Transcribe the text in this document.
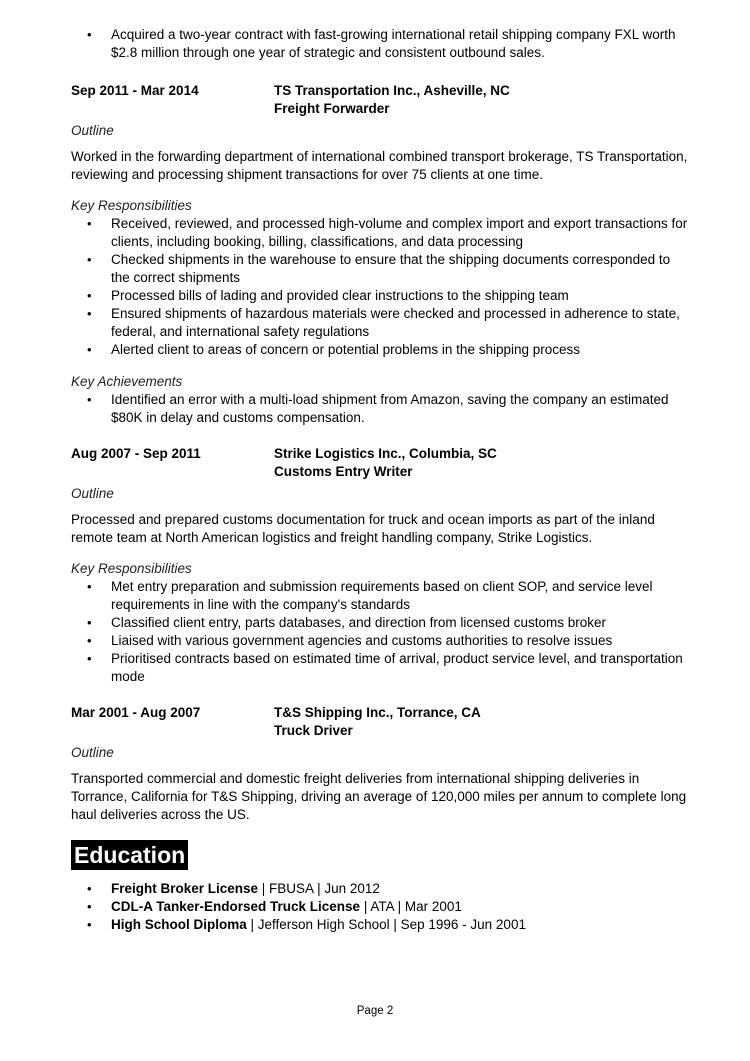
• Acquired a two-year contract with fast-growing international retail shipping company FXL worth $2.8 million through one year of strategic and consistent outbound sales.
Sep 2011 - Mar 2014	TS Transportation Inc., Asheville, NC
Freight Forwarder
Outline
Worked in the forwarding department of international combined transport brokerage, TS Transportation, reviewing and processing shipment transactions for over 75 clients at one time.
Key Responsibilities
• Received, reviewed, and processed high-volume and complex import and export transactions for clients, including booking, billing, classifications, and data processing
• Checked shipments in the warehouse to ensure that the shipping documents corresponded to the correct shipments
• Processed bills of lading and provided clear instructions to the shipping team
• Ensured shipments of hazardous materials were checked and processed in adherence to state, federal, and international safety regulations
• Alerted client to areas of concern or potential problems in the shipping process
Key Achievements
• Identified an error with a multi-load shipment from Amazon, saving the company an estimated $80K in delay and customs compensation.
Aug 2007 - Sep 2011	Strike Logistics Inc., Columbia, SC
Customs Entry Writer
Outline
Processed and prepared customs documentation for truck and ocean imports as part of the inland remote team at North American logistics and freight handling company, Strike Logistics.
Key Responsibilities
• Met entry preparation and submission requirements based on client SOP, and service level requirements in line with the company's standards
• Classified client entry, parts databases, and direction from licensed customs broker
• Liaised with various government agencies and customs authorities to resolve issues
• Prioritised contracts based on estimated time of arrival, product service level, and transportation mode
Mar 2001 - Aug 2007	T&S Shipping Inc., Torrance, CA
Truck Driver
Outline
Transported commercial and domestic freight deliveries from international shipping deliveries in Torrance, California for T&S Shipping, driving an average of 120,000 miles per annum to complete long haul deliveries across the US.
Education
• Freight Broker License | FBUSA | Jun 2012
• CDL-A Tanker-Endorsed Truck License | ATA | Mar 2001
• High School Diploma | Jefferson High School | Sep 1996 - Jun 2001
Page 2
